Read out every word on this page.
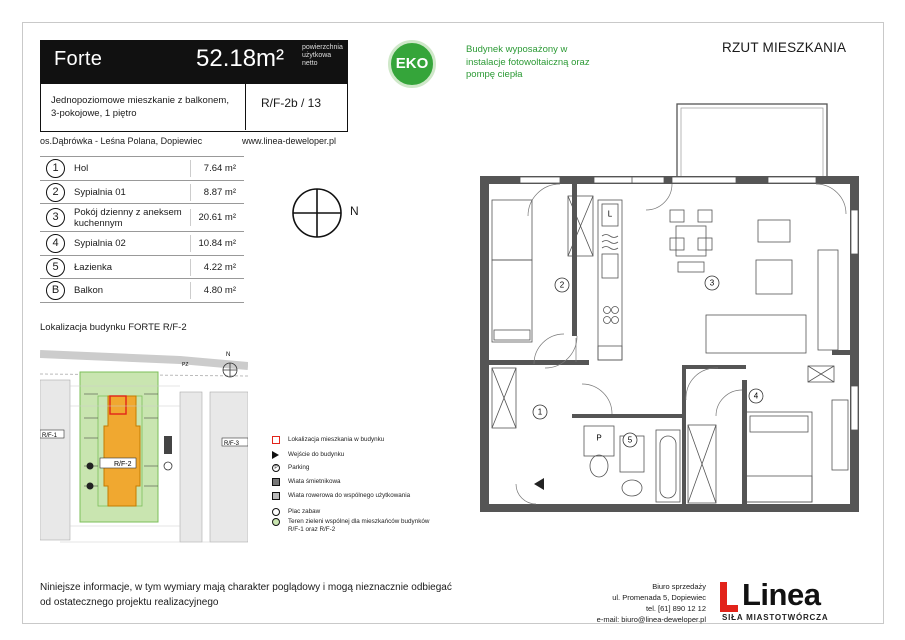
Forte	52.18m²	powierzchnia
użytkowa
netto
Jednopoziomowe mieszkanie z balkonem, 3-pokojowe, 1 piętro
R/F-2b / 13
os.Dąbrówka - Leśna Polana, Dopiewiec	www.linea-deweloper.pl
1	Hol	7.64 m²
2	Sypialnia 01	8.87 m²
3	Pokój dzienny z aneksem kuchennym	20.61 m²
4	Sypialnia 02	10.84 m²
5	Łazienka	4.22 m²
B	Balkon	4.80 m²
EKO
Budynek wyposażony w instalacje fotowoltaiczną oraz pompę ciepła
RZUT MIESZKANIA
N	L
P
2	3
1
5
4
Lokalizacja budynku FORTE R/F-2
N
PZ
R/F-1
R/F-3
R/F-2
Lokalizacja mieszkania w budynku
Wejście do budynku
P	Parking
Wiata śmietnikowa
Wiata rowerowa do wspólnego użytkowania
Plac zabaw
Teren zieleni wspólnej dla mieszkańców budynków R/F-1 oraz R/F-2
Niniejsze informacje, w tym wymiary mają charakter poglądowy i mogą nieznacznie odbiegać od ostatecznego projektu realizacyjnego
Biuro sprzedaży
ul. Promenada 5, Dopiewiec
tel. [61] 890 12 12
e-mail: biuro@linea-deweloper.pl
Linea
SIŁA MIASTOTWÓRCZA
